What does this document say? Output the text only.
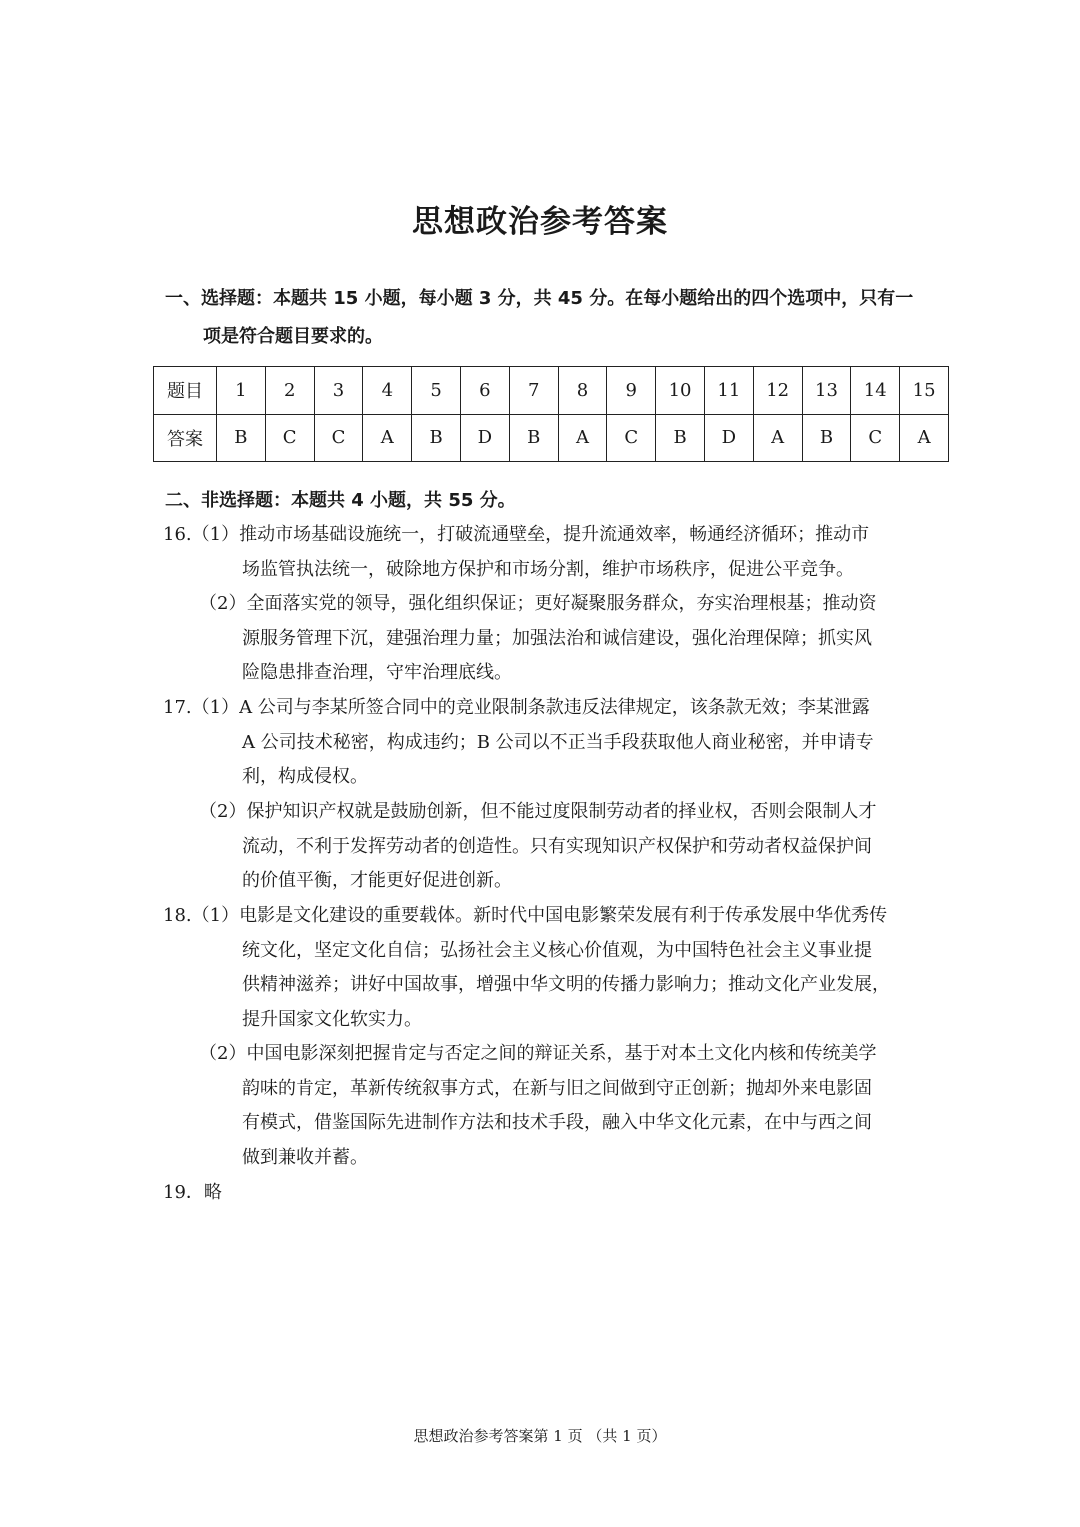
思想政治参考答案
一、选择题：本题共 15 小题，每小题 3 分，共 45 分。在每小题给出的四个选项中，只有一
项是符合题目要求的。
题目	1	2	3	4	5	6	7	8	9	10	11	12	13	14	15
答案	B	C	C	A	B	D	B	A	C	B	D	A	B	C	A
二、非选择题：本题共 4 小题，共 55 分。
16.（1）推动市场基础设施统一，打破流通壁垒，提升流通效率，畅通经济循环；推动市
场监管执法统一，破除地方保护和市场分割，维护市场秩序，促进公平竞争。
（2）全面落实党的领导，强化组织保证；更好凝聚服务群众，夯实治理根基；推动资
源服务管理下沉，建强治理力量；加强法治和诚信建设，强化治理保障；抓实风
险隐患排查治理，守牢治理底线。
17.（1）A 公司与李某所签合同中的竞业限制条款违反法律规定，该条款无效；李某泄露
A 公司技术秘密，构成违约；B 公司以不正当手段获取他人商业秘密，并申请专
利，构成侵权。
（2）保护知识产权就是鼓励创新，但不能过度限制劳动者的择业权，否则会限制人才
流动，不利于发挥劳动者的创造性。只有实现知识产权保护和劳动者权益保护间
的价值平衡，才能更好促进创新。
18.（1）电影是文化建设的重要载体。新时代中国电影繁荣发展有利于传承发展中华优秀传
统文化，坚定文化自信；弘扬社会主义核心价值观，为中国特色社会主义事业提
供精神滋养；讲好中国故事，增强中华文明的传播力影响力；推动文化产业发展，
提升国家文化软实力。
（2）中国电影深刻把握肯定与否定之间的辩证关系，基于对本土文化内核和传统美学
韵味的肯定，革新传统叙事方式，在新与旧之间做到守正创新；抛却外来电影固
有模式，借鉴国际先进制作方法和技术手段，融入中华文化元素，在中与西之间
做到兼收并蓄。
19．略
思想政治参考答案第 1 页 （共 1 页）
